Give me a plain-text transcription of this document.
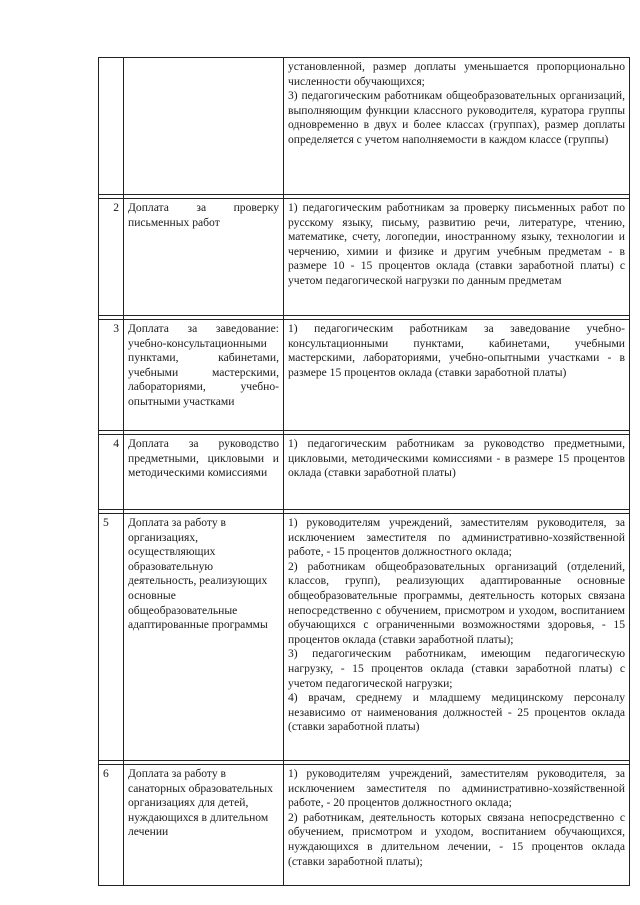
		установленной, размер доплаты уменьшается пропорционально численности обучающихся;

3) педагогическим работникам общеобразовательных организаций, выполняющим функции классного руководителя, куратора группы одновременно в двух и более классах (группах), размер доплаты определяется с учетом наполняемости в каждом классе (группы)

2	Доплата за проверку письменных работ	1) педагогическим работникам за проверку письменных работ по русскому языку, письму, развитию речи, литературе, чтению, математике, счету, логопедии, иностранному языку, технологии и черчению, химии и физике и другим учебным предметам - в размере 10 - 15 процентов оклада (ставки заработной платы) с учетом педагогической нагрузки по данным предметам

3	Доплата за заведование: учебно-консультационными пунктами, кабинетами, учебными мастерскими, лабораториями, учебно-опытными участками	1) педагогическим работникам за заведование учебно-консультационными пунктами, кабинетами, учебными мастерскими, лабораториями, учебно-опытными участками - в размере 15 процентов оклада (ставки заработной платы)

4	Доплата за руководство предметными, цикловыми и методическими комиссиями	1) педагогическим работникам за руководство предметными, цикловыми, методическими комиссиями - в размере 15 процентов оклада (ставки заработной платы)

5	Доплата за работу в организациях, осуществляющих образовательную деятельность, реализующих основные общеобразовательные адаптированные программы	1) руководителям учреждений, заместителям руководителя, за исключением заместителя по административно-хозяйственной работе, - 15 процентов должностного оклада;

2) работникам общеобразовательных организаций (отделений, классов, групп), реализующих адаптированные основные общеобразовательные программы, деятельность которых связана непосредственно с обучением, присмотром и уходом, воспитанием обучающихся с ограниченными возможностями здоровья, - 15 процентов оклада (ставки заработной платы);

3) педагогическим работникам, имеющим педагогическую нагрузку, - 15 процентов оклада (ставки заработной платы) с учетом педагогической нагрузки;

4) врачам, среднему и младшему медицинскому персоналу независимо от наименования должностей - 25 процентов оклада (ставки заработной платы)

6	Доплата за работу в санаторных образовательных организациях для детей, нуждающихся в длительном лечении	1) руководителям учреждений, заместителям руководителя, за исключением заместителя по административно-хозяйственной работе, - 20 процентов должностного оклада;

2) работникам, деятельность которых связана непосредственно с обучением, присмотром и уходом, воспитанием обучающихся, нуждающихся в длительном лечении, - 15 процентов оклада (ставки заработной платы);
